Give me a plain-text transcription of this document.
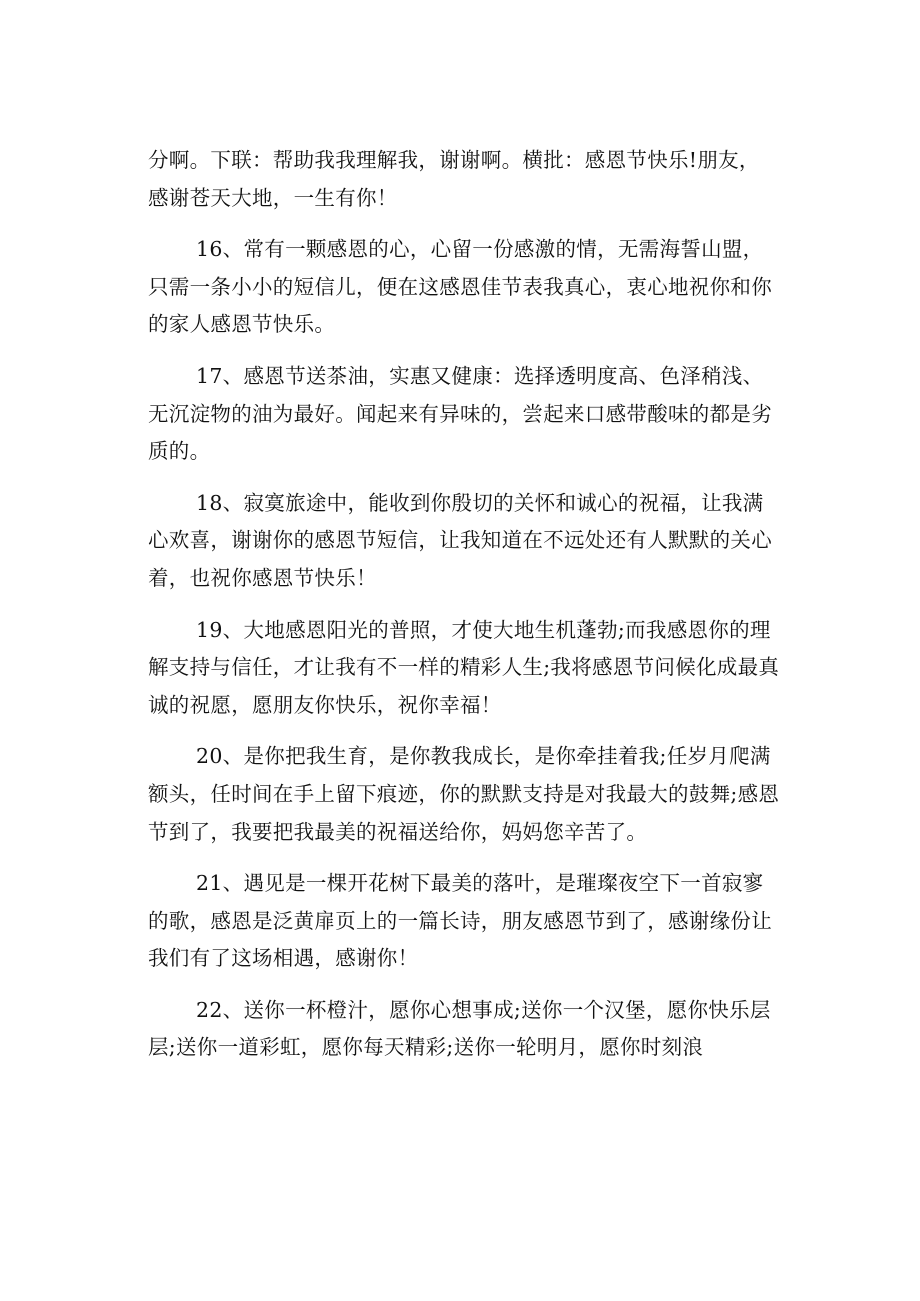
分啊。下联：帮助我我理解我，谢谢啊。横批：感恩节快乐!朋友，感谢苍天大地，一生有你！

16、常有一颗感恩的心，心留一份感激的情，无需海誓山盟，只需一条小小的短信儿，便在这感恩佳节表我真心，衷心地祝你和你的家人感恩节快乐。

17、感恩节送茶油，实惠又健康：选择透明度高、色泽稍浅、无沉淀物的油为最好。闻起来有异味的，尝起来口感带酸味的都是劣质的。

18、寂寞旅途中，能收到你殷切的关怀和诚心的祝福，让我满心欢喜，谢谢你的感恩节短信，让我知道在不远处还有人默默的关心着，也祝你感恩节快乐！

19、大地感恩阳光的普照，才使大地生机蓬勃;而我感恩你的理解支持与信任，才让我有不一样的精彩人生;我将感恩节问候化成最真诚的祝愿，愿朋友你快乐，祝你幸福！

20、是你把我生育，是你教我成长，是你牵挂着我;任岁月爬满额头，任时间在手上留下痕迹，你的默默支持是对我最大的鼓舞;感恩节到了，我要把我最美的祝福送给你，妈妈您辛苦了。

21、遇见是一棵开花树下最美的落叶，是璀璨夜空下一首寂寥的歌，感恩是泛黄扉页上的一篇长诗，朋友感恩节到了，感谢缘份让我们有了这场相遇，感谢你！

22、送你一杯橙汁，愿你心想事成;送你一个汉堡，愿你快乐层层;送你一道彩虹，愿你每天精彩;送你一轮明月，愿你时刻浪
